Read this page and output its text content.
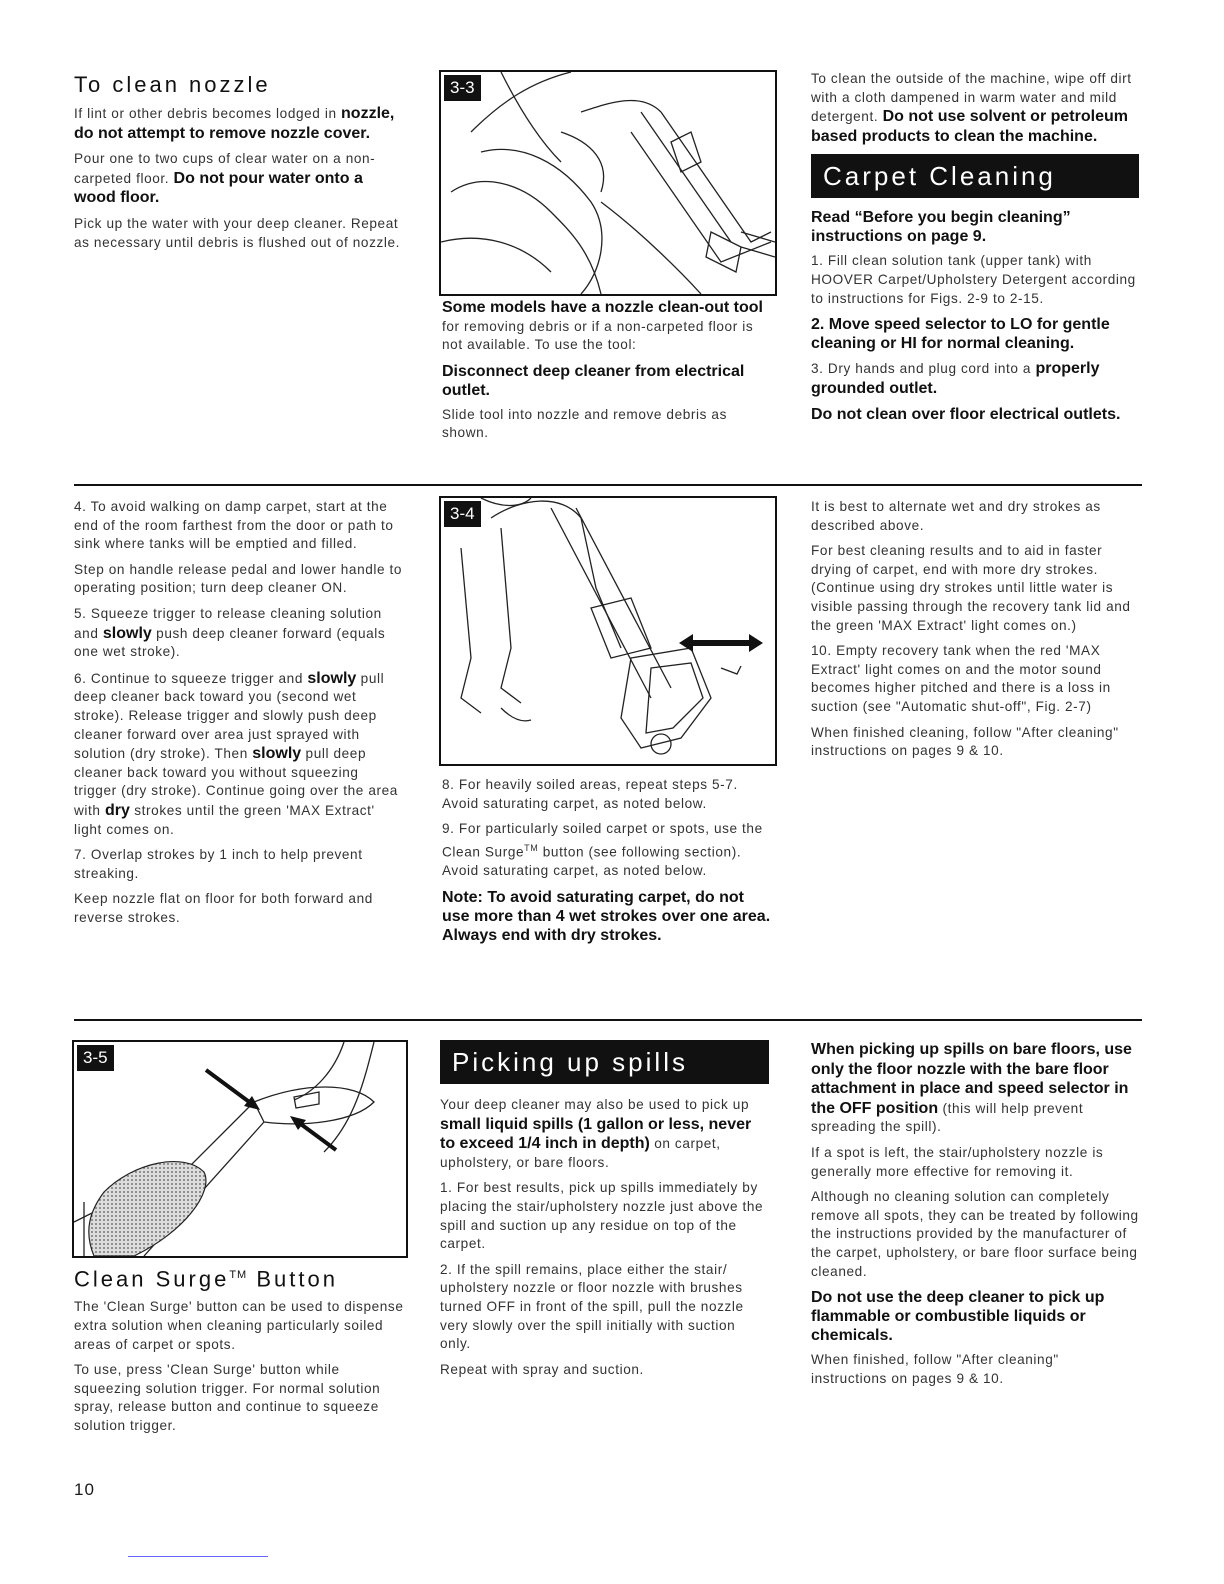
To clean nozzle

If lint or other debris becomes lodged in nozzle, do not attempt to remove nozzle cover.

Pour one to two cups of clear water on a non-carpeted floor. Do not pour water onto a wood floor.

Pick up the water with your deep cleaner. Repeat as necessary until debris is flushed out of nozzle.

3-3

Some models have a nozzle clean-out tool for removing debris or if a non-carpeted floor is not available. To use the tool:

Disconnect deep cleaner from electrical outlet.

Slide tool into nozzle and remove debris as shown.

To clean the outside of the machine, wipe off dirt with a cloth dampened in warm water and mild detergent. Do not use solvent or petroleum based products to clean the machine.

Carpet Cleaning

Read “Before you begin cleaning” instructions on page 9.

1. Fill clean solution tank (upper tank) with HOOVER Carpet/Upholstery Detergent according to instructions for Figs. 2-9 to 2-15.

2. Move speed selector to LO for gentle cleaning or HI for normal cleaning.

3. Dry hands and plug cord into a properly grounded outlet.

Do not clean over floor electrical outlets.

4. To avoid walking on damp carpet, start at the end of the room farthest from the door or path to sink where tanks will be emptied and filled.

Step on handle release pedal and lower handle to operating position; turn deep cleaner ON.

5. Squeeze trigger to release cleaning solution and slowly push deep cleaner forward (equals one wet stroke).

6. Continue to squeeze trigger and slowly pull deep cleaner back toward you (second wet stroke). Release trigger and slowly push deep cleaner forward over area just sprayed with solution (dry stroke). Then slowly pull deep cleaner back toward you without squeezing trigger (dry stroke). Continue going over the area with dry strokes until the green 'MAX Extract' light comes on.

7. Overlap strokes by 1 inch to help prevent streaking.

Keep nozzle flat on floor for both forward and reverse strokes.

3-4

8. For heavily soiled areas, repeat steps 5-7. Avoid saturating carpet, as noted below.

9. For particularly soiled carpet or spots, use the Clean Surge™ button (see following section). Avoid saturating carpet, as noted below.

Note: To avoid saturating carpet, do not use more than 4 wet strokes over one area. Always end with dry strokes.

It is best to alternate wet and dry strokes as described above.

For best cleaning results and to aid in faster drying of carpet, end with more dry strokes. (Continue using dry strokes until little water is visible passing through the recovery tank lid and the green 'MAX Extract' light comes on.)

10. Empty recovery tank when the red 'MAX Extract' light comes on and the motor sound becomes higher pitched and there is a loss in suction (see "Automatic shut-off", Fig. 2-7)

When finished cleaning, follow "After cleaning" instructions on pages 9 & 10.

3-5
Clean Surge™ Button

The 'Clean Surge' button can be used to dispense extra solution when cleaning particularly soiled areas of carpet or spots.

To use, press 'Clean Surge' button while squeezing solution trigger. For normal solution spray, release button and continue to squeeze solution trigger.

Picking up spills

Your deep cleaner may also be used to pick up small liquid spills (1 gallon or less, never to exceed 1/4 inch in depth) on carpet, upholstery, or bare floors.

1. For best results, pick up spills immediately by placing the stair/upholstery nozzle just above the spill and suction up any residue on top of the carpet.

2. If the spill remains, place either the stair/ upholstery nozzle or floor nozzle with brushes turned OFF in front of the spill, pull the nozzle very slowly over the spill initially with suction only.

Repeat with spray and suction.

When picking up spills on bare floors, use only the floor nozzle with the bare floor attachment in place and speed selector in the OFF position (this will help prevent spreading the spill).

If a spot is left, the stair/upholstery nozzle is generally more effective for removing it.

Although no cleaning solution can completely remove all spots, they can be treated by following the instructions provided by the manufacturer of the carpet, upholstery, or bare floor surface being cleaned.

Do not use the deep cleaner to pick up flammable or combustible liquids or chemicals.

When finished, follow "After cleaning" instructions on pages 9 & 10.

10
